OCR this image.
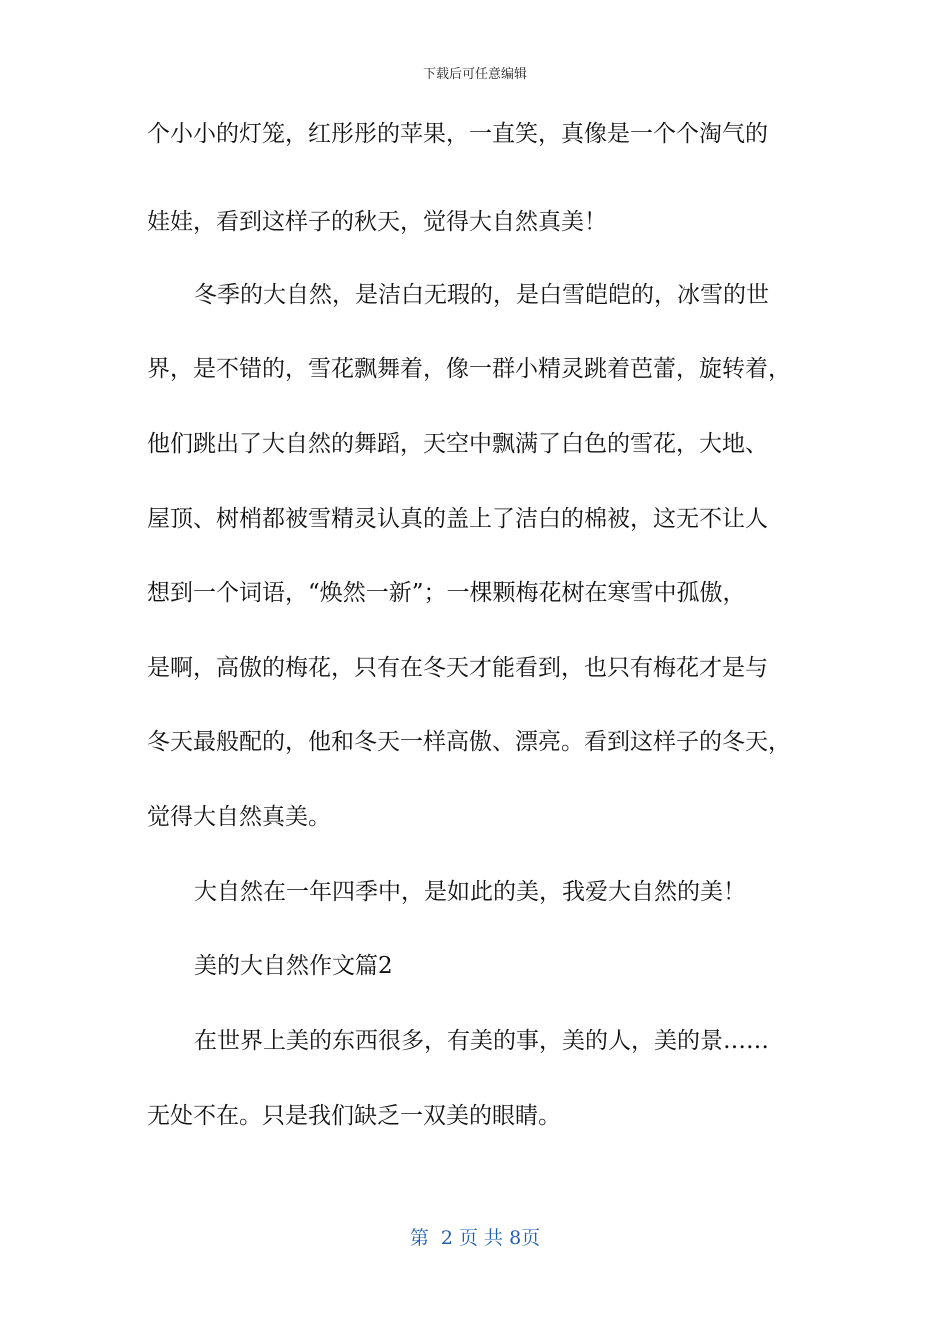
下载后可任意编辑
个小小的灯笼，红彤彤的苹果，一直笑，真像是一个个淘气的
娃娃，看到这样子的秋天，觉得大自然真美！
冬季的大自然，是洁白无瑕的，是白雪皑皑的，冰雪的世
界，是不错的，雪花飘舞着，像一群小精灵跳着芭蕾，旋转着，
他们跳出了大自然的舞蹈，天空中飘满了白色的雪花，大地、
屋顶、树梢都被雪精灵认真的盖上了洁白的棉被，这无不让人
想到一个词语，“焕然一新”；一棵颗梅花树在寒雪中孤傲，
是啊，高傲的梅花，只有在冬天才能看到，也只有梅花才是与
冬天最般配的，他和冬天一样高傲、漂亮。看到这样子的冬天，
觉得大自然真美。
大自然在一年四季中，是如此的美，我爱大自然的美！
美的大自然作文篇2
在世界上美的东西很多，有美的事，美的人，美的景……
无处不在。只是我们缺乏一双美的眼睛。
第  2 页 共 8页
